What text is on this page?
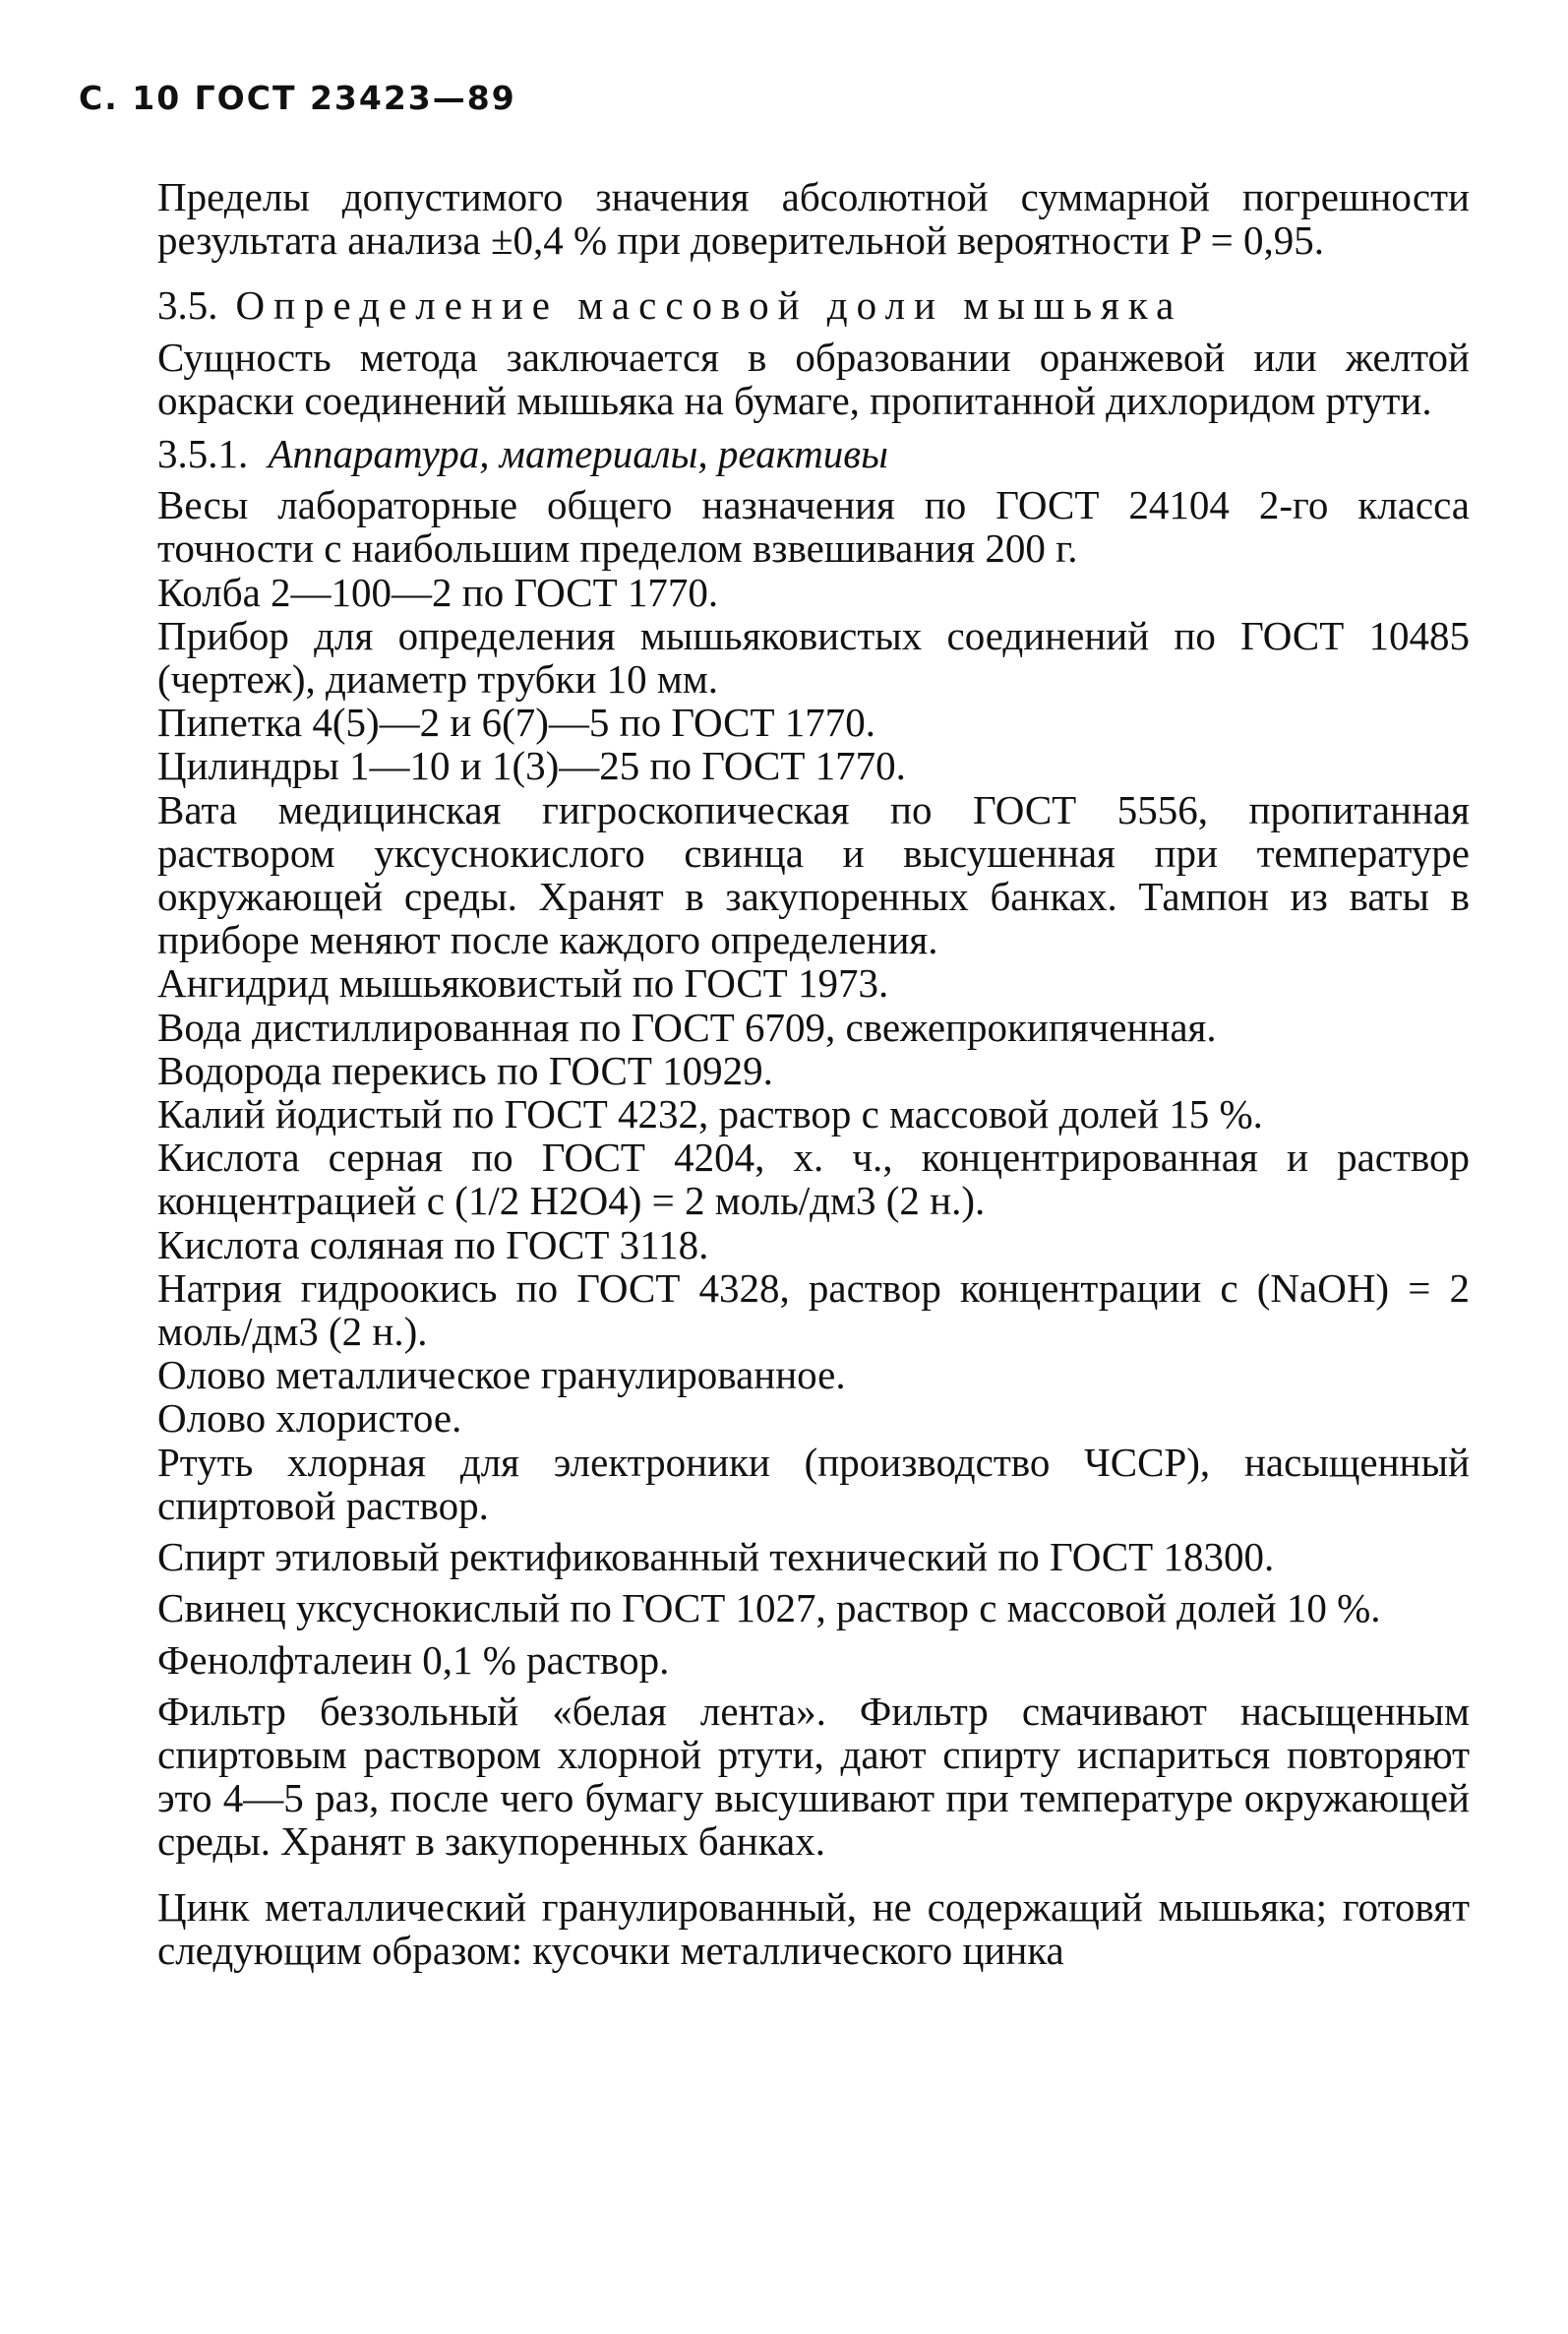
С. 10 ГОСТ 23423—89

Пределы допустимого значения абсолютной суммарной погрешности результата анализа ±0,4 % при доверительной вероятности P = 0,95.

3.5. Определение массовой доли мышьяка

Сущность метода заключается в образовании оранжевой или желтой окраски соединений мышьяка на бумаге, пропитанной дихлоридом ртути.

3.5.1. Аппаратура, материалы, реактивы

Весы лабораторные общего назначения по ГОСТ 24104 2-го класса точности с наибольшим пределом взвешивания 200 г.

Колба 2—100—2 по ГОСТ 1770.

Прибор для определения мышьяковистых соединений по ГОСТ 10485 (чертеж), диаметр трубки 10 мм.

Пипетка 4(5)—2 и 6(7)—5 по ГОСТ 1770.

Цилиндры 1—10 и 1(3)—25 по ГОСТ 1770.

Вата медицинская гигроскопическая по ГОСТ 5556, пропитанная раствором уксуснокислого свинца и высушенная при температуре окружающей среды. Хранят в закупоренных банках. Тампон из ваты в приборе меняют после каждого определения.

Ангидрид мышьяковистый по ГОСТ 1973.

Вода дистиллированная по ГОСТ 6709, свежепрокипяченная.

Водорода перекись по ГОСТ 10929.

Калий йодистый по ГОСТ 4232, раствор с массовой долей 15 %.

Кислота серная по ГОСТ 4204, х. ч., концентрированная и раствор концентрацией c (1/2 H2O4) = 2 моль/дм3 (2 н.).

Кислота соляная по ГОСТ 3118.

Натрия гидроокись по ГОСТ 4328, раствор концентрации c (NaOH) = 2 моль/дм3 (2 н.).

Олово металлическое гранулированное.

Олово хлористое.

Ртуть хлорная для электроники (производство ЧССР), насыщенный спиртовой раствор.

Спирт этиловый ректификованный технический по ГОСТ 18300.

Свинец уксуснокислый по ГОСТ 1027, раствор с массовой долей 10 %.

Фенолфталеин 0,1 % раствор.

Фильтр беззольный «белая лента». Фильтр смачивают насыщенным спиртовым раствором хлорной ртути, дают спирту испариться повторяют это 4—5 раз, после чего бумагу высушивают при температуре окружающей среды. Хранят в закупоренных банках.

Цинк металлический гранулированный, не содержащий мышьяка; готовят следующим образом: кусочки металлического цинка
